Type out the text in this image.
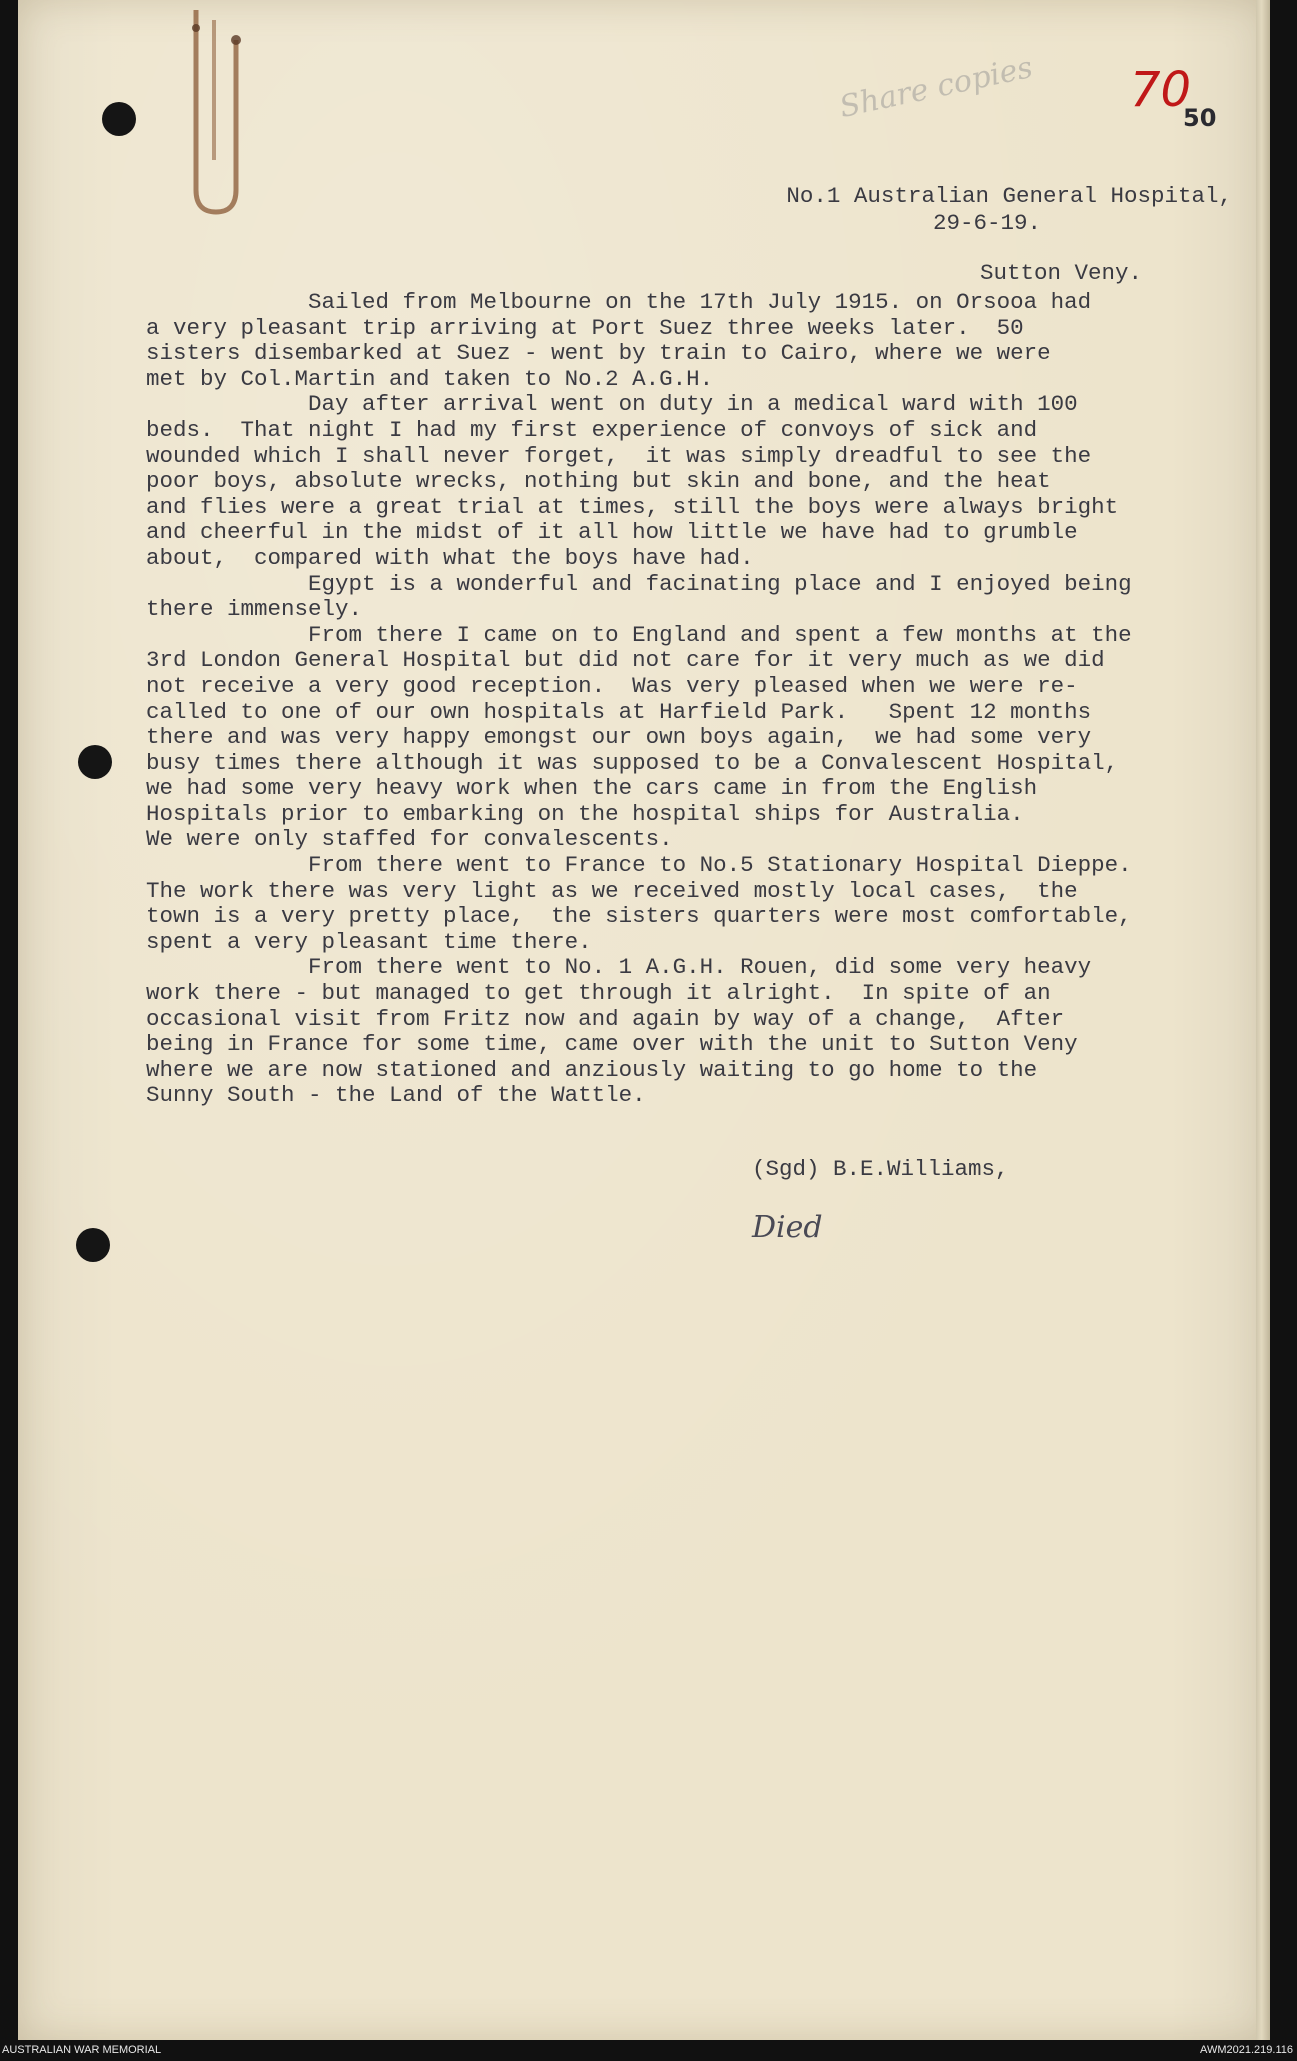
Share copies 70
50

No.1 Australian General Hospital,

Sutton Veny.

29-6-19.
Sailed from Melbourne on the 17th July 1915. on Orsooa had
a very pleasant trip arriving at Port Suez three weeks later.  50
sisters disembarked at Suez - went by train to Cairo, where we were
met by Col.Martin and taken to No.2 A.G.H.
Day after arrival went on duty in a medical ward with 100
beds.  That night I had my first experience of convoys of sick and
wounded which I shall never forget,  it was simply dreadful to see the
poor boys, absolute wrecks, nothing but skin and bone, and the heat
and flies were a great trial at times, still the boys were always bright
and cheerful in the midst of it all how little we have had to grumble
about,  compared with what the boys have had.
Egypt is a wonderful and facinating place and I enjoyed being
there immensely.
From there I came on to England and spent a few months at the
3rd London General Hospital but did not care for it very much as we did
not receive a very good reception.  Was very pleased when we were re-
called to one of our own hospitals at Harfield Park.   Spent 12 months
there and was very happy emongst our own boys again,  we had some very
busy times there although it was supposed to be a Convalescent Hospital,
we had some very heavy work when the cars came in from the English
Hospitals prior to embarking on the hospital ships for Australia.
We were only staffed for convalescents.
From there went to France to No.5 Stationary Hospital Dieppe.
The work there was very light as we received mostly local cases,  the
town is a very pretty place,  the sisters quarters were most comfortable,
spent a very pleasant time there.
From there went to No. 1 A.G.H. Rouen, did some very heavy
work there - but managed to get through it alright.  In spite of an
occasional visit from Fritz now and again by way of a change,  After
being in France for some time, came over with the unit to Sutton Veny
where we are now stationed and anziously waiting to go home to the
Sunny South - the Land of the Wattle.
(Sgd) B.E.Williams,
Died
AUSTRALIAN WAR MEMORIAL	AWM2021.219.116
